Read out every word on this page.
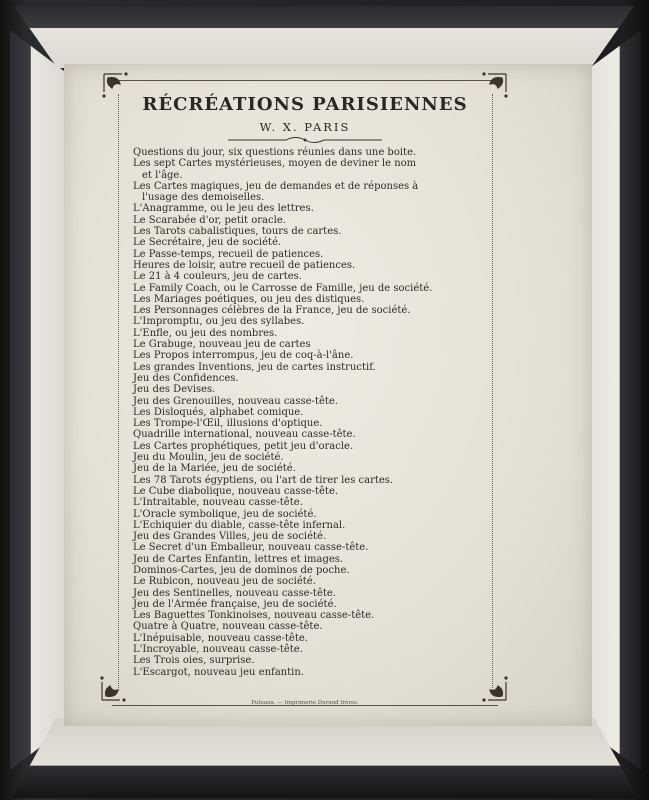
RÉCRÉATIONS PARISIENNES
W. X. PARIS
Questions du jour, six questions réunies dans une boite.
Les sept Cartes mystérieuses, moyen de deviner le nom
et l'âge.
Les Cartes magiques, jeu de demandes et de réponses à
l'usage des demoiselles.
L'Anagramme, ou le jeu des lettres.
Le Scarabée d'or, petit oracle.
Les Tarots cabalistiques, tours de cartes.
Le Secrétaire, jeu de société.
Le Passe-temps, recueil de patiences.
Heures de loisir, autre recueil de patiences.
Le 21 à 4 couleurs, jeu de cartes.
Le Family Coach, ou le Carrosse de Famille, jeu de société.
Les Mariages poétiques, ou jeu des distiques.
Les Personnages célèbres de la France, jeu de société.
L'Impromptu, ou jeu des syllabes.
L'Enfle, ou jeu des nombres.
Le Grabuge, nouveau jeu de cartes
Les Propos interrompus, jeu de coq-à-l'âne.
Les grandes Inventions, jeu de cartes instructif.
Jeu des Confidences.
Jeu des Devises.
Jeu des Grenouilles, nouveau casse-tête.
Les Disloqués, alphabet comique.
Les Trompe-l'Œil, illusions d'optique.
Quadrille international, nouveau casse-tête.
Les Cartes prophétiques, petit jeu d'oracle.
Jeu du Moulin, jeu de société.
Jeu de la Mariée, jeu de société.
Les 78 Tarots égyptiens, ou l'art de tirer les cartes.
Le Cube diabolique, nouveau casse-tête.
L'Intraitable, nouveau casse-tête.
L'Oracle symbolique, jeu de société.
L'Echiquier du diable, casse-tête infernal.
Jeu des Grandes Villes, jeu de société.
Le Secret d'un Emballeur, nouveau casse-tête.
Jeu de Cartes Enfantin, lettres et images.
Dominos-Cartes, jeu de dominos de poche.
Le Rubicon, nouveau jeu de société.
Jeu des Sentinelles, nouveau casse-tête.
Jeu de l'Armée française, jeu de société.
Les Baguettes Tonkinoises, nouveau casse-tête.
Quatre à Quatre, nouveau casse-tête.
L'Inépuisable, nouveau casse-tête.
L'Incroyable, nouveau casse-tête.
Les Trois oies, surprise.
L'Escargot, nouveau jeu enfantin.
Puteaux. — Imprimerie Durand frères.
